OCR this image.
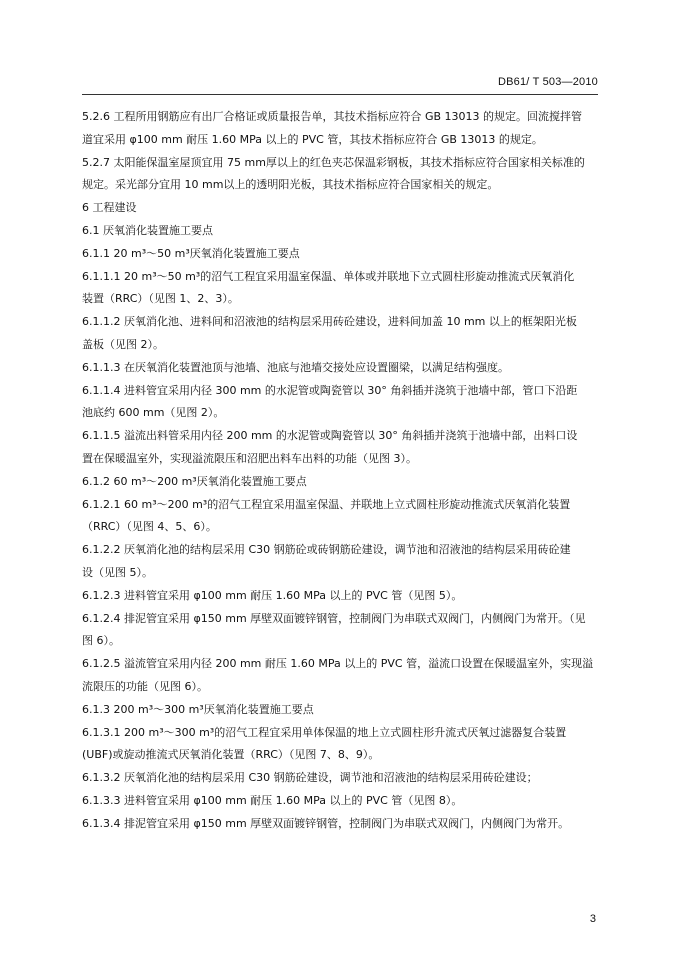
DB61/ T 503—2010
5.2.6 工程所用钢筋应有出厂合格证或质量报告单，其技术指标应符合 GB 13013 的规定。回流搅拌管
道宜采用 φ100 mm 耐压 1.60 MPa 以上的 PVC 管，其技术指标应符合 GB 13013 的规定。
5.2.7 太阳能保温室屋顶宜用 75 mm厚以上的红色夹芯保温彩钢板，其技术指标应符合国家相关标准的
规定。采光部分宜用 10 mm以上的透明阳光板，其技术指标应符合国家相关的规定。
6 工程建设
6.1 厌氧消化装置施工要点
6.1.1 20 m³～50 m³厌氧消化装置施工要点
6.1.1.1 20 m³～50 m³的沼气工程宜采用温室保温、单体或并联地下立式圆柱形旋动推流式厌氧消化
装置（RRC）（见图 1、2、3）。
6.1.1.2 厌氧消化池、进料间和沼液池的结构层采用砖砼建设，进料间加盖 10 mm 以上的框架阳光板
盖板（见图 2）。
6.1.1.3 在厌氧消化装置池顶与池墙、池底与池墙交接处应设置圈梁，以满足结构强度。
6.1.1.4 进料管宜采用内径 300 mm 的水泥管或陶瓷管以 30° 角斜插并浇筑于池墙中部，管口下沿距
池底约 600 mm（见图 2）。
6.1.1.5 溢流出料管采用内径 200 mm 的水泥管或陶瓷管以 30° 角斜插并浇筑于池墙中部，出料口设
置在保暖温室外，实现溢流限压和沼肥出料车出料的功能（见图 3）。
6.1.2 60 m³～200 m³厌氧消化装置施工要点
6.1.2.1 60 m³～200 m³的沼气工程宜采用温室保温、并联地上立式圆柱形旋动推流式厌氧消化装置
（RRC）（见图 4、5、6）。
6.1.2.2 厌氧消化池的结构层采用 C30 钢筋砼或砖钢筋砼建设，调节池和沼液池的结构层采用砖砼建
设（见图 5）。
6.1.2.3 进料管宜采用 φ100 mm 耐压 1.60 MPa 以上的 PVC 管（见图 5）。
6.1.2.4 排泥管宜采用 φ150 mm 厚壁双面镀锌钢管，控制阀门为串联式双阀门，内侧阀门为常开。（见
图 6）。
6.1.2.5 溢流管宜采用内径 200 mm 耐压 1.60 MPa 以上的 PVC 管，溢流口设置在保暖温室外，实现溢
流限压的功能（见图 6）。
6.1.3 200 m³～300 m³厌氧消化装置施工要点
6.1.3.1 200 m³～300 m³的沼气工程宜采用单体保温的地上立式圆柱形升流式厌氧过滤器复合装置
(UBF)或旋动推流式厌氧消化装置（RRC）（见图 7、8、9）。
6.1.3.2 厌氧消化池的结构层采用 C30 钢筋砼建设，调节池和沼液池的结构层采用砖砼建设；
6.1.3.3 进料管宜采用 φ100 mm 耐压 1.60 MPa 以上的 PVC 管（见图 8）。
6.1.3.4 排泥管宜采用 φ150 mm 厚壁双面镀锌钢管，控制阀门为串联式双阀门，内侧阀门为常开。
3
